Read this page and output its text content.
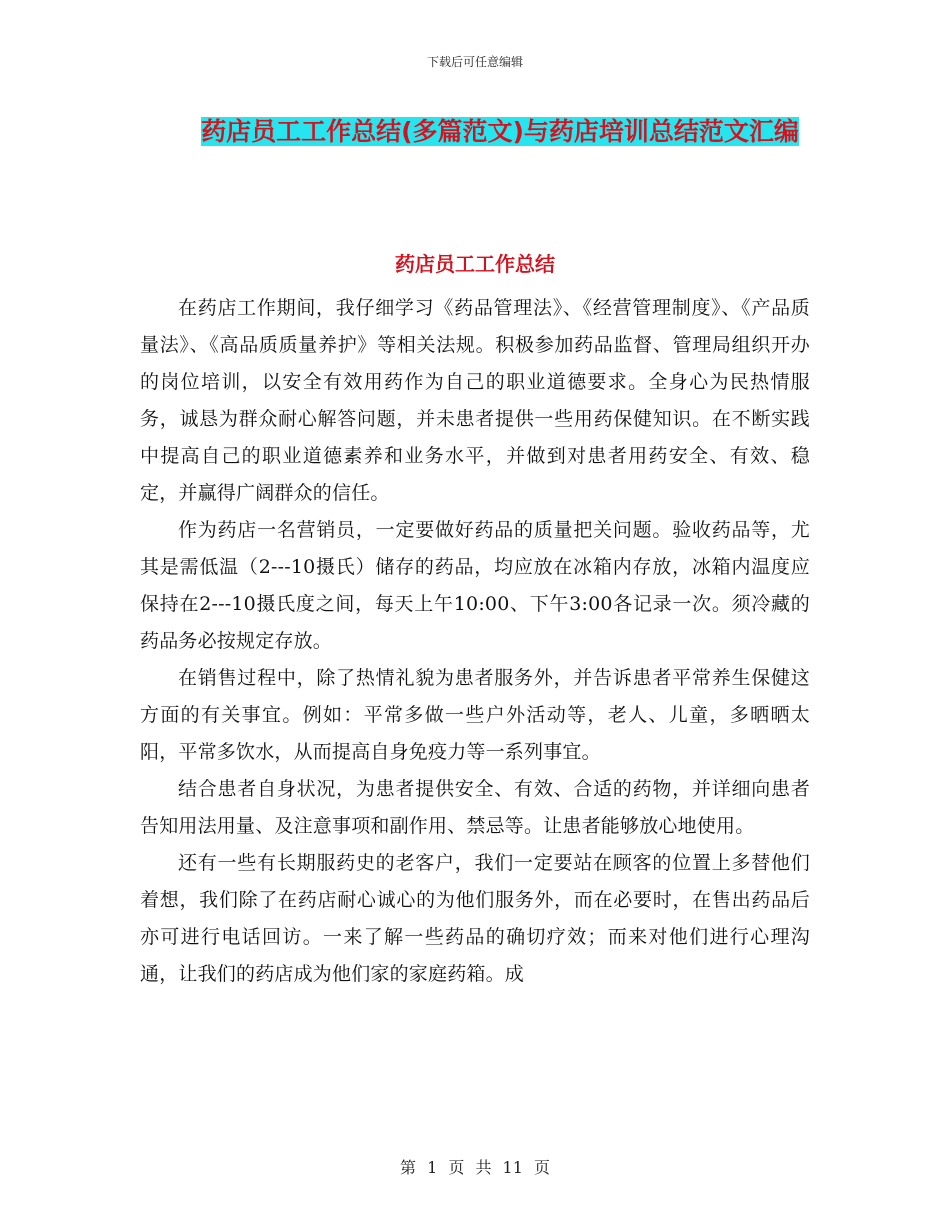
下载后可任意编辑
药店员工工作总结(多篇范文)与药店培训总结范文汇编
药店员工工作总结

在药店工作期间，我仔细学习《药品管理法》、《经营管理制度》、《产品质量法》、《高品质质量养护》等相关法规。积极参加药品监督、管理局组织开办的岗位培训，以安全有效用药作为自己的职业道德要求。全身心为民热情服务，诚恳为群众耐心解答问题，并未患者提供一些用药保健知识。在不断实践中提高自己的职业道德素养和业务水平，并做到对患者用药安全、有效、稳定，并赢得广阔群众的信任。

作为药店一名营销员，一定要做好药品的质量把关问题。验收药品等，尤其是需低温（2---10摄氏）储存的药品，均应放在冰箱内存放，冰箱内温度应保持在2---10摄氏度之间，每天上午10:00、下午3:00各记录一次。须冷藏的药品务必按规定存放。

在销售过程中，除了热情礼貌为患者服务外，并告诉患者平常养生保健这方面的有关事宜。例如：平常多做一些户外活动等，老人、儿童，多晒晒太阳，平常多饮水，从而提高自身免疫力等一系列事宜。

结合患者自身状况，为患者提供安全、有效、合适的药物，并详细向患者告知用法用量、及注意事项和副作用、禁忌等。让患者能够放心地使用。

还有一些有长期服药史的老客户，我们一定要站在顾客的位置上多替他们着想，我们除了在药店耐心诚心的为他们服务外，而在必要时，在售出药品后亦可进行电话回访。一来了解一些药品的确切疗效；而来对他们进行心理沟通，让我们的药店成为他们家的家庭药箱。成

第 1 页 共 11 页
